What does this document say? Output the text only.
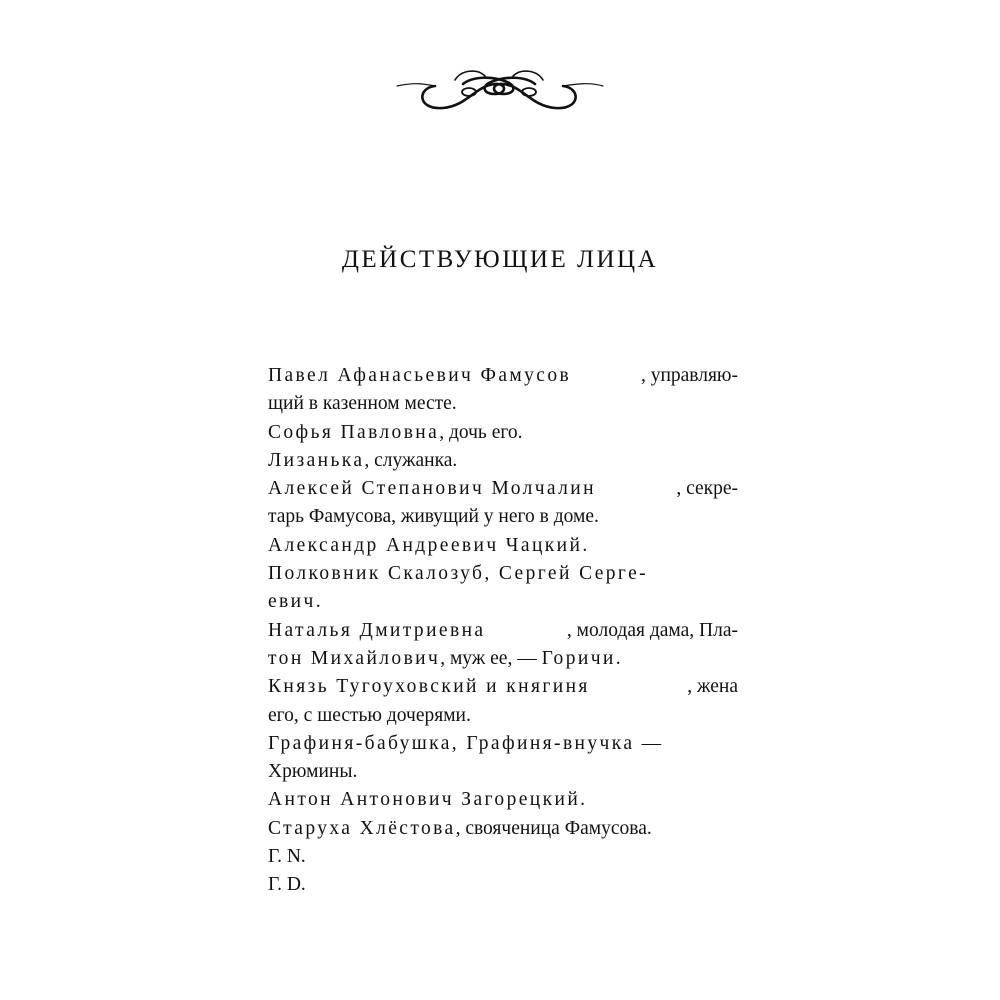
ДЕЙСТВУЮЩИЕ ЛИЦА
Павел Афанасьевич Фамусов	, управляю-
щий в казенном месте.
Софья Павловна, дочь его.
Лизанька, служанка.
Алексей Степанович Молчалин	, секре-
тарь Фамусова, живущий у него в доме.
Александр Андреевич Чацкий.
Полковник Скалозуб, Сергей Серге-
евич.
Наталья Дмитриевна	, молодая дама, Пла-
тон Михайлович, муж ее, — Горичи.
Князь Тугоуховский и княгиня	, жена
его, с шестью дочерями.
Графиня-бабушка, Графиня-внучка —
Хрюмины.
Антон Антонович Загорецкий.
Старуха Хлёстова, свояченица Фамусова.
Г. N.
Г. D.
